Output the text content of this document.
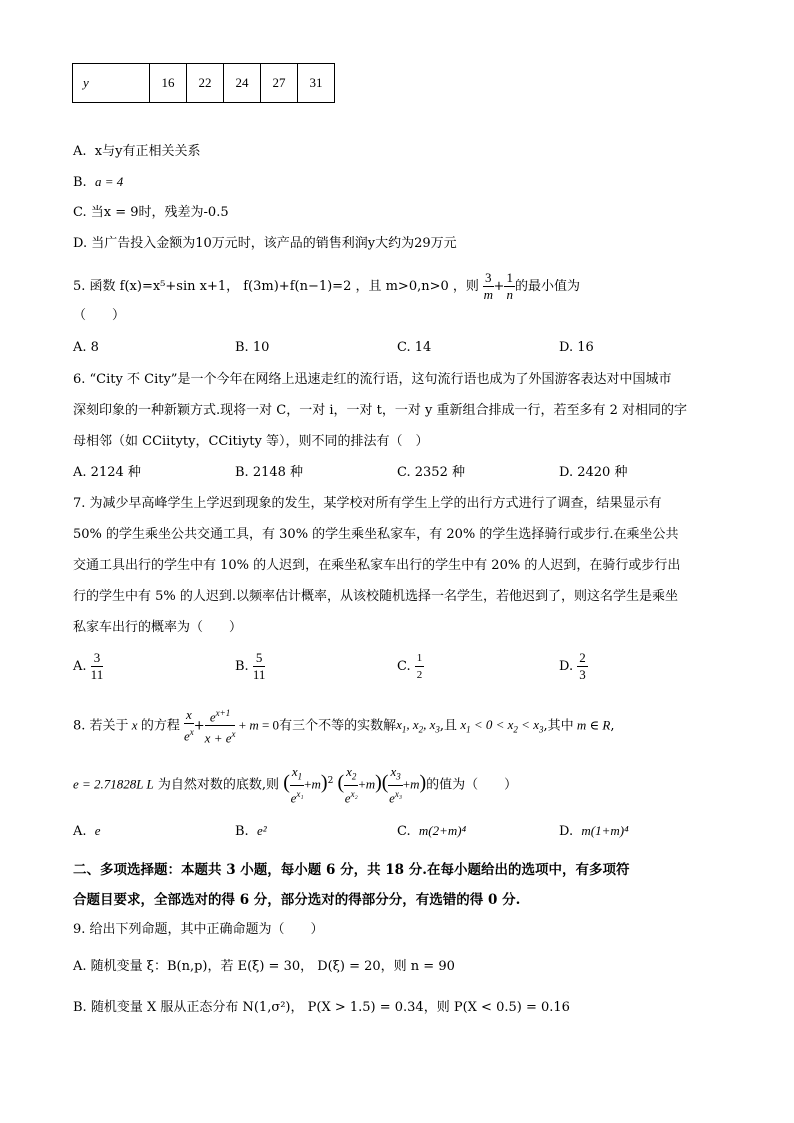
y	16	22	24	27	31
A. x与y有正相关关系
B. a = 4
C. 当x = 9时，残差为-0.5
D. 当广告投入金额为10万元时，该产品的销售利润y大约为29万元
5. 函数 f(x)=x⁵+sin x+1， f(3m)+f(n−1)=2 ，且 m>0,n>0 ，则 $\frac{3}{m} + \frac{1}{n}$ 的最小值为
（　　）
A. 8	B. 10	C. 14	D. 16
6. “City 不 City”是一个今年在网络上迅速走红的流行语，这句流行语也成为了外国游客表达对中国城市
深刻印象的一种新颖方式.现将一对 C，一对 i，一对 t，一对 y 重新组合排成一行，若至多有 2 对相同的字
母相邻（如 CCiityty，CCitiyty 等），则不同的排法有（　）
A. 2124 种	B. 2148 种	C. 2352 种	D. 2420 种
7. 为减少早高峰学生上学迟到现象的发生，某学校对所有学生上学的出行方式进行了调查，结果显示有
50% 的学生乘坐公共交通工具，有 30% 的学生乘坐私家车，有 20% 的学生选择骑行或步行.在乘坐公共
交通工具出行的学生中有 10% 的人迟到，在乘坐私家车出行的学生中有 20% 的人迟到，在骑行或步行出
行的学生中有 5% 的人迟到.以频率估计概率，从该校随机选择一名学生，若他迟到了，则这名学生是乘坐
私家车出行的概率为（　　）
A. $\frac{3}{11}$	B. $\frac{5}{11}$	C. $\frac{1}{2}$	D. $\frac{2}{3}$
8. 若关于 x 的方程 $\frac{x}{e^x} + \frac{e^{x+1}}{x + e^x} + m = 0$有三个不等的实数解$x_1$, $x_2$, $x_3$,且 $x_1 < 0 < x_2 < x_3$,其中 m ∈ R,
e = 2.71828L L 为自然对数的底数,则 ( $\frac{x_1}{e^{x_1}} +m)^2$ ( $\frac{x_2}{e^{x_2}} +m)( \frac{x_3}{e^{x_3}} +m)$的值为（　　）
A. e	B. e²	C. m(2+m)⁴	D. m(1+m)⁴
二、多项选择题：本题共 3 小题，每小题 6 分，共 18 分.在每小题给出的选项中，有多项符
合题目要求，全部选对的得 6 分，部分选对的得部分分，有选错的得 0 分.
9. 给出下列命题，其中正确命题为（　　）
A. 随机变量 ξ：B(n,p)，若 E(ξ) = 30， D(ξ) = 20，则 n = 90
B. 随机变量 X 服从正态分布 N(1,σ²)， P(X > 1.5) = 0.34，则 P(X < 0.5) = 0.16
